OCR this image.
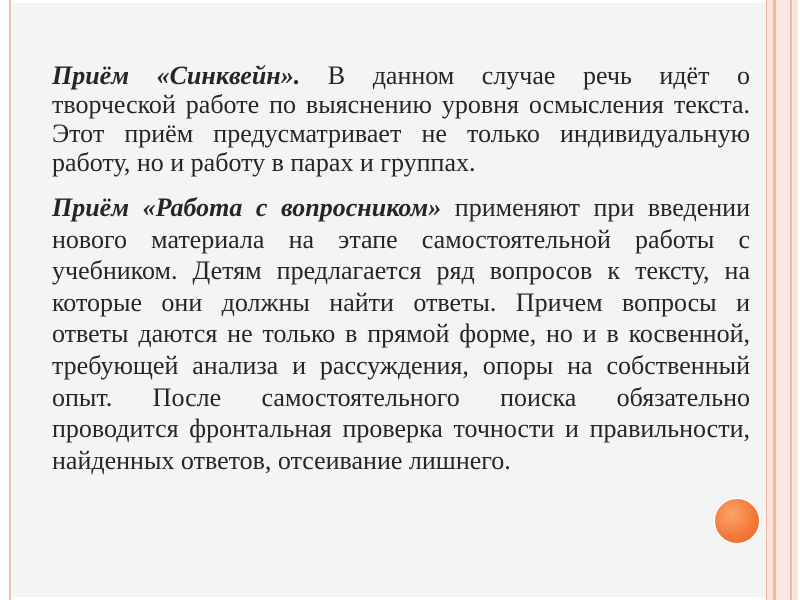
Приём «Синквейн». В данном случае речь идёт о
творческой работе по выяснению уровня осмысления текста.
Этот приём предусматривает не только индивидуальную
работу, но и работу в парах и группах.
Приём «Работа с вопросником» применяют при введении
нового материала на этапе самостоятельной работы с
учебником. Детям предлагается ряд вопросов к тексту, на
которые они должны найти ответы. Причем вопросы и
ответы даются не только в прямой форме, но и в косвенной,
требующей анализа и рассуждения, опоры на собственный
опыт. После самостоятельного поиска обязательно
проводится фронтальная проверка точности и правильности,
найденных ответов, отсеивание лишнего.
